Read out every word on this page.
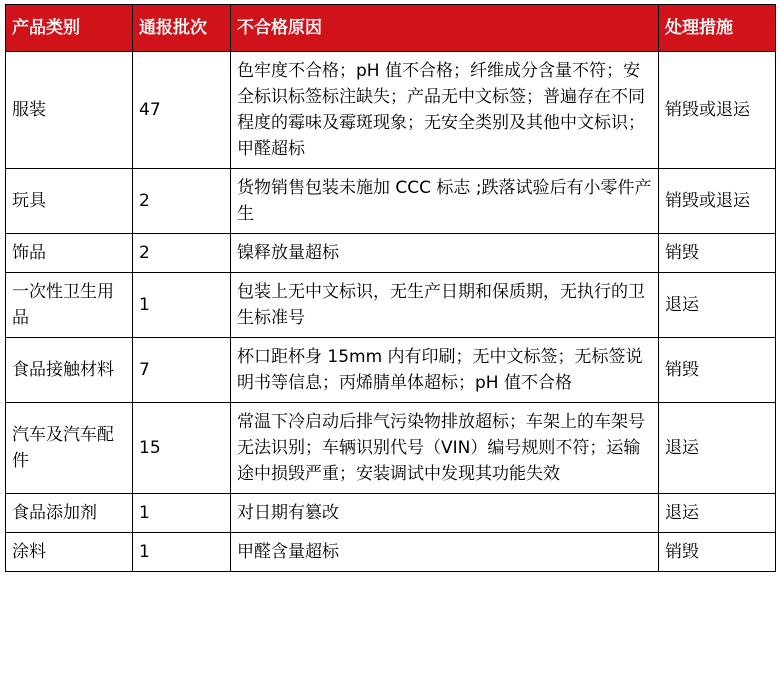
产品类别	通报批次	不合格原因	处理措施
服装	47	色牢度不合格；pH 值不合格；纤维成分含量不符；安全标识标签标注缺失；产品无中文标签；普遍存在不同程度的霉味及霉斑现象；无安全类别及其他中文标识；甲醛超标	销毁或退运
玩具	2	货物销售包装未施加 CCC 标志 ;跌落试验后有小零件产生	销毁或退运
饰品	2	镍释放量超标	销毁
一次性卫生用品	1	包装上无中文标识，无生产日期和保质期，无执行的卫生标准号	退运
食品接触材料	7	杯口距杯身 15mm 内有印刷；无中文标签；无标签说明书等信息；丙烯腈单体超标；pH 值不合格	销毁
汽车及汽车配件	15	常温下冷启动后排气污染物排放超标；车架上的车架号无法识别；车辆识别代号（VIN）编号规则不符；运输途中损毁严重；安装调试中发现其功能失效	退运
食品添加剂	1	对日期有篡改	退运
涂料	1	甲醛含量超标	销毁
